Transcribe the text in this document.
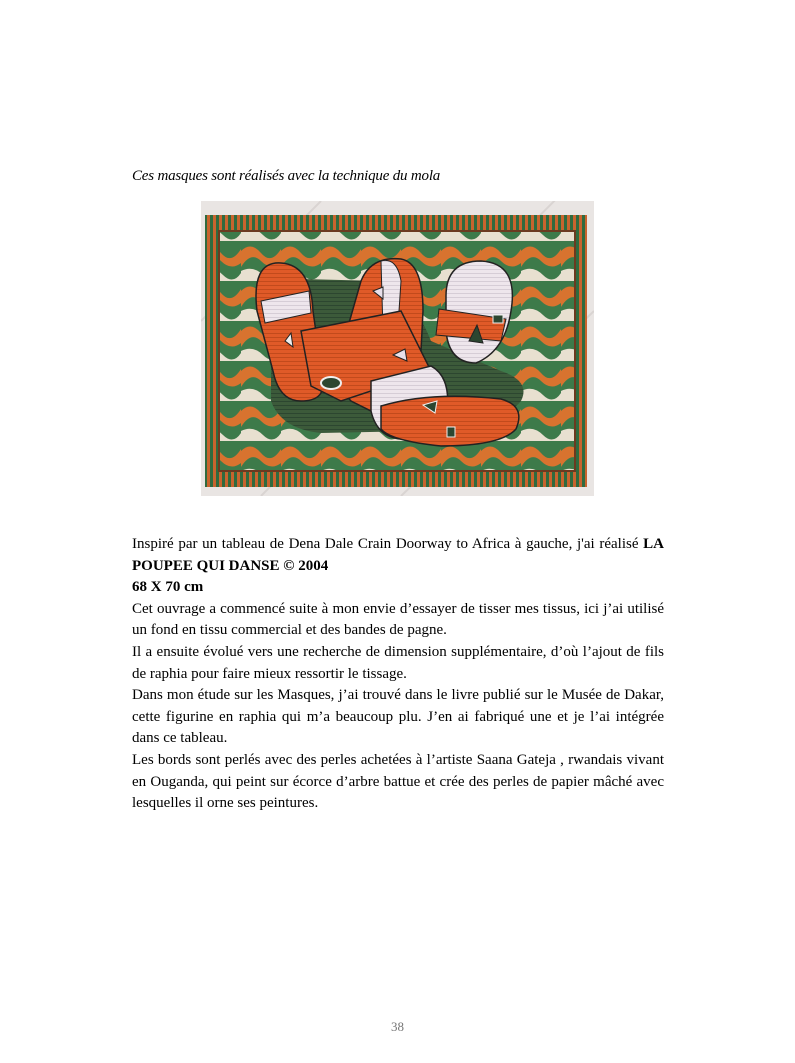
Ces masques sont réalisés avec la technique du mola

Inspiré par un tableau de Dena Dale Crain Doorway to Africa à gauche, j'ai réalisé LA POUPEE QUI DANSE © 2004

68 X 70 cm

Cet ouvrage a commencé suite à mon envie d’essayer de tisser mes tissus, ici j’ai utilisé un fond en tissu commercial et des bandes de pagne.

Il a ensuite évolué vers une recherche de dimension supplémentaire, d’où l’ajout de fils de raphia pour faire mieux ressortir le tissage.

Dans mon étude sur les Masques, j’ai trouvé dans le livre publié sur le Musée de Dakar, cette figurine en raphia qui m’a beaucoup plu. J’en ai fabriqué une et je l’ai intégrée dans ce tableau.

Les bords sont perlés avec des perles achetées à l’artiste Saana Gateja , rwandais vivant en Ouganda, qui peint sur écorce d’arbre battue et crée des perles de papier mâché avec lesquelles il orne ses peintures.

38
